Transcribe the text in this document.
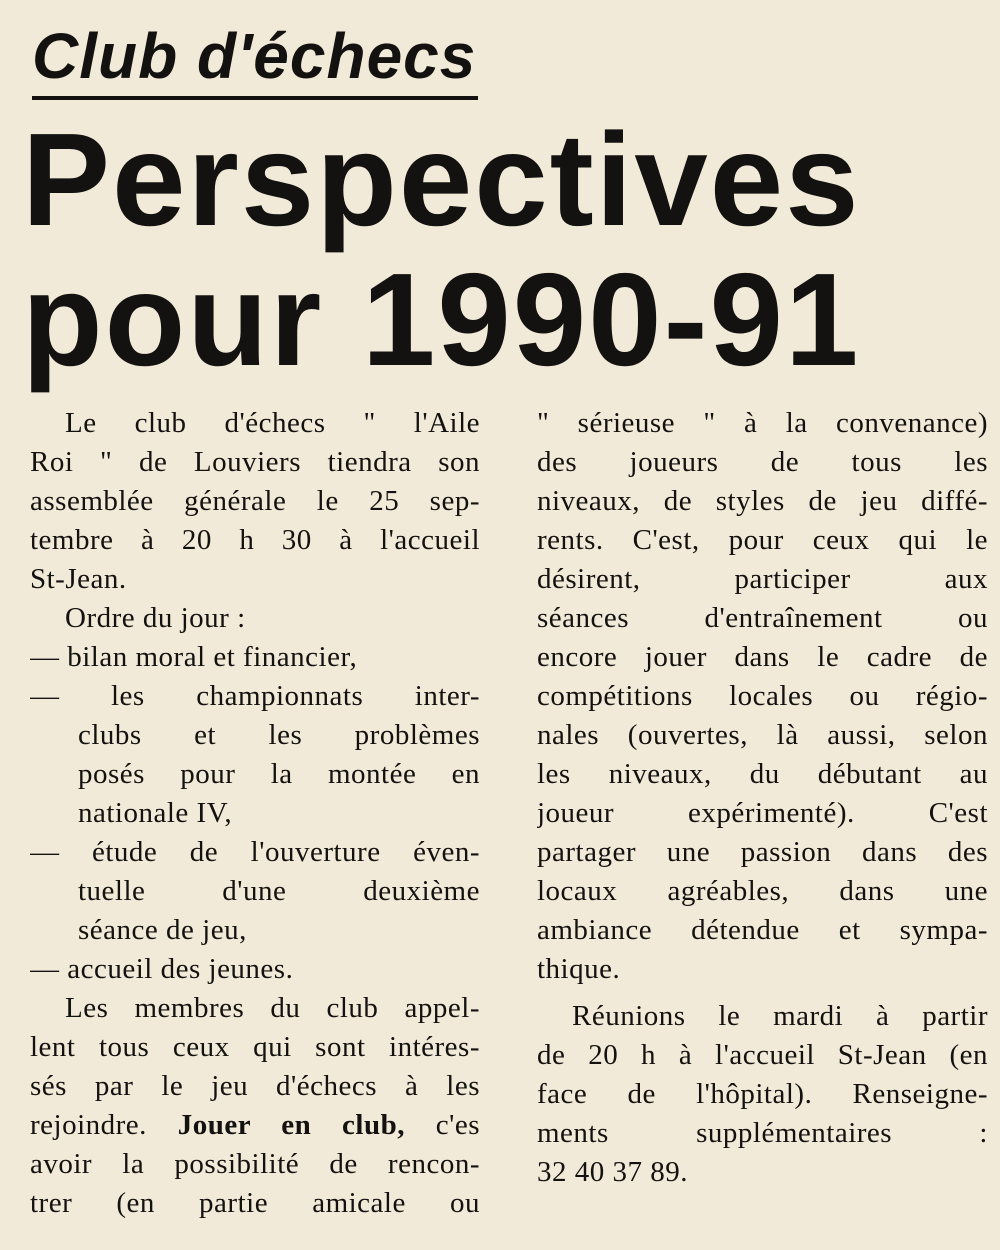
Club d'échecs
Perspectives
pour 1990-91
Le club d'échecs " l'Aile
Roi " de Louviers tiendra son
assemblée générale le 25 sep-
tembre à 20 h 30 à l'accueil
St-Jean.
Ordre du jour :
— bilan moral et financier,
— les championnats inter-
clubs et les problèmes
posés pour la montée en
nationale IV,
— étude de l'ouverture éven-
tuelle d'une deuxième
séance de jeu,
— accueil des jeunes.
Les membres du club appel-
lent tous ceux qui sont intéres-
sés par le jeu d'échecs à les
rejoindre. Jouer en club, c'es
avoir la possibilité de rencon-
trer (en partie amicale ou
" sérieuse " à la convenance)
des joueurs de tous les
niveaux, de styles de jeu diffé-
rents. C'est, pour ceux qui le
désirent, participer aux
séances d'entraînement ou
encore jouer dans le cadre de
compétitions locales ou régio-
nales (ouvertes, là aussi, selon
les niveaux, du débutant au
joueur expérimenté). C'est
partager une passion dans des
locaux agréables, dans une
ambiance détendue et sympa-
thique.
Réunions le mardi à partir
de 20 h à l'accueil St-Jean (en
face de l'hôpital). Renseigne-
ments supplémentaires :
32 40 37 89.
